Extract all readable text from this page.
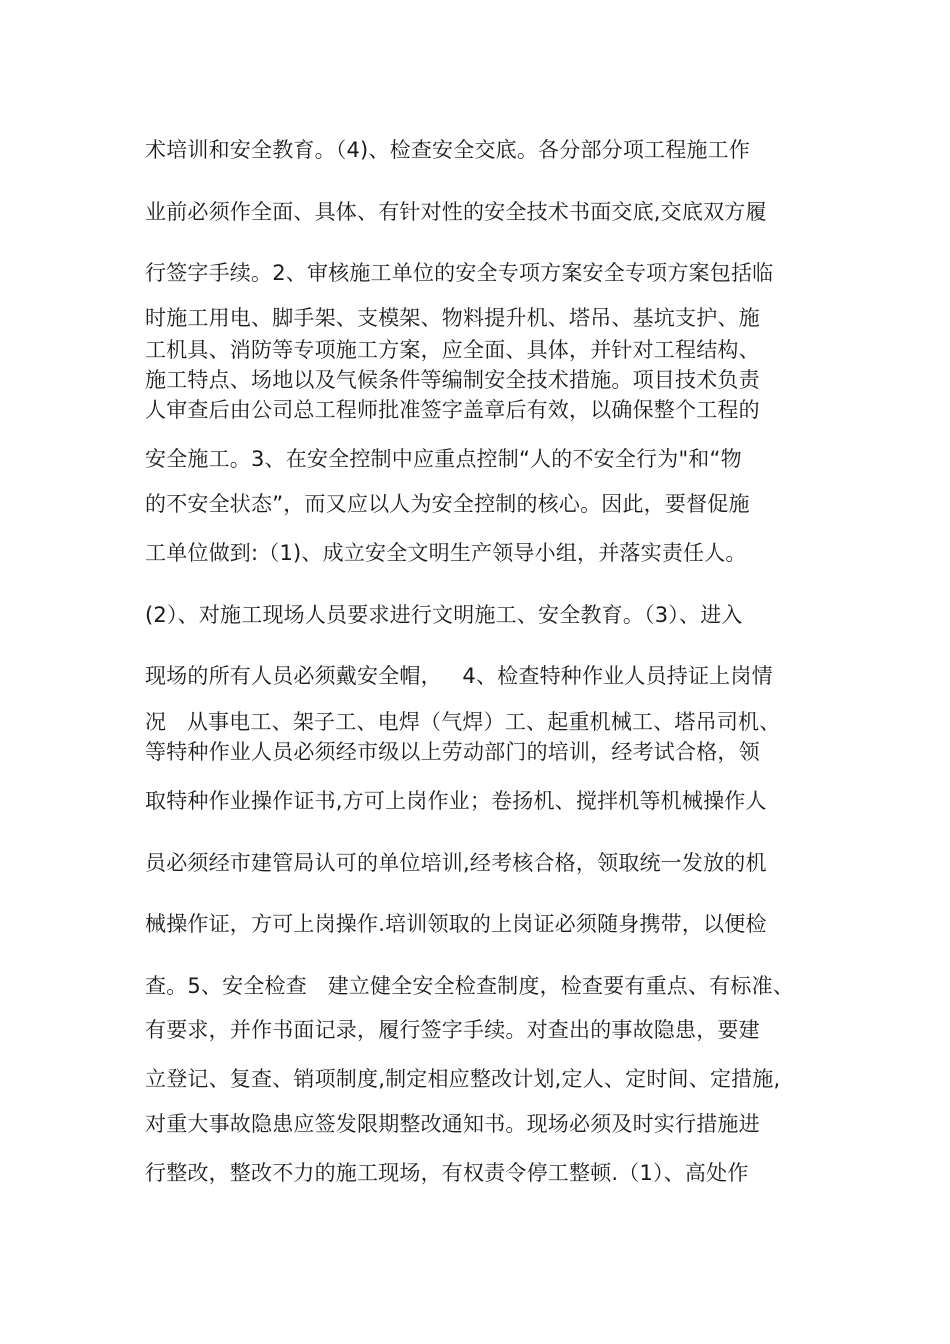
术培训和安全教育。（4)、检查安全交底。各分部分项工程施工作
业前必须作全面、具体、有针对性的安全技术书面交底,交底双方履
行签字手续。2、审核施工单位的安全专项方案安全专项方案包括临
时施工用电、脚手架、支模架、物料提升机、塔吊、基坑支护、施
工机具、消防等专项施工方案，应全面、具体，并针对工程结构、
施工特点、场地以及气候条件等编制安全技术措施。项目技术负责
人审查后由公司总工程师批准签字盖章后有效，以确保整个工程的
安全施工。3、在安全控制中应重点控制“人的不安全行为"和“物
的不安全状态”，而又应以人为安全控制的核心。因此，要督促施
工单位做到:（1)、成立安全文明生产领导小组，并落实责任人。
(2）、对施工现场人员要求进行文明施工、安全教育。（3）、进入
现场的所有人员必须戴安全帽，   4、检查特种作业人员持证上岗情
况   从事电工、架子工、电焊（气焊）工、起重机械工、塔吊司机、
等特种作业人员必须经市级以上劳动部门的培训，经考试合格，领
取特种作业操作证书,方可上岗作业；卷扬机、搅拌机等机械操作人
员必须经市建管局认可的单位培训,经考核合格，领取统一发放的机
械操作证，方可上岗操作.培训领取的上岗证必须随身携带，以便检
查。5、安全检查   建立健全安全检查制度，检查要有重点、有标准、
有要求，并作书面记录，履行签字手续。对查出的事故隐患，要建
立登记、复查、销项制度,制定相应整改计划,定人、定时间、定措施,
对重大事故隐患应签发限期整改通知书。现场必须及时实行措施进
行整改，整改不力的施工现场，有权责令停工整顿.（1）、高处作
